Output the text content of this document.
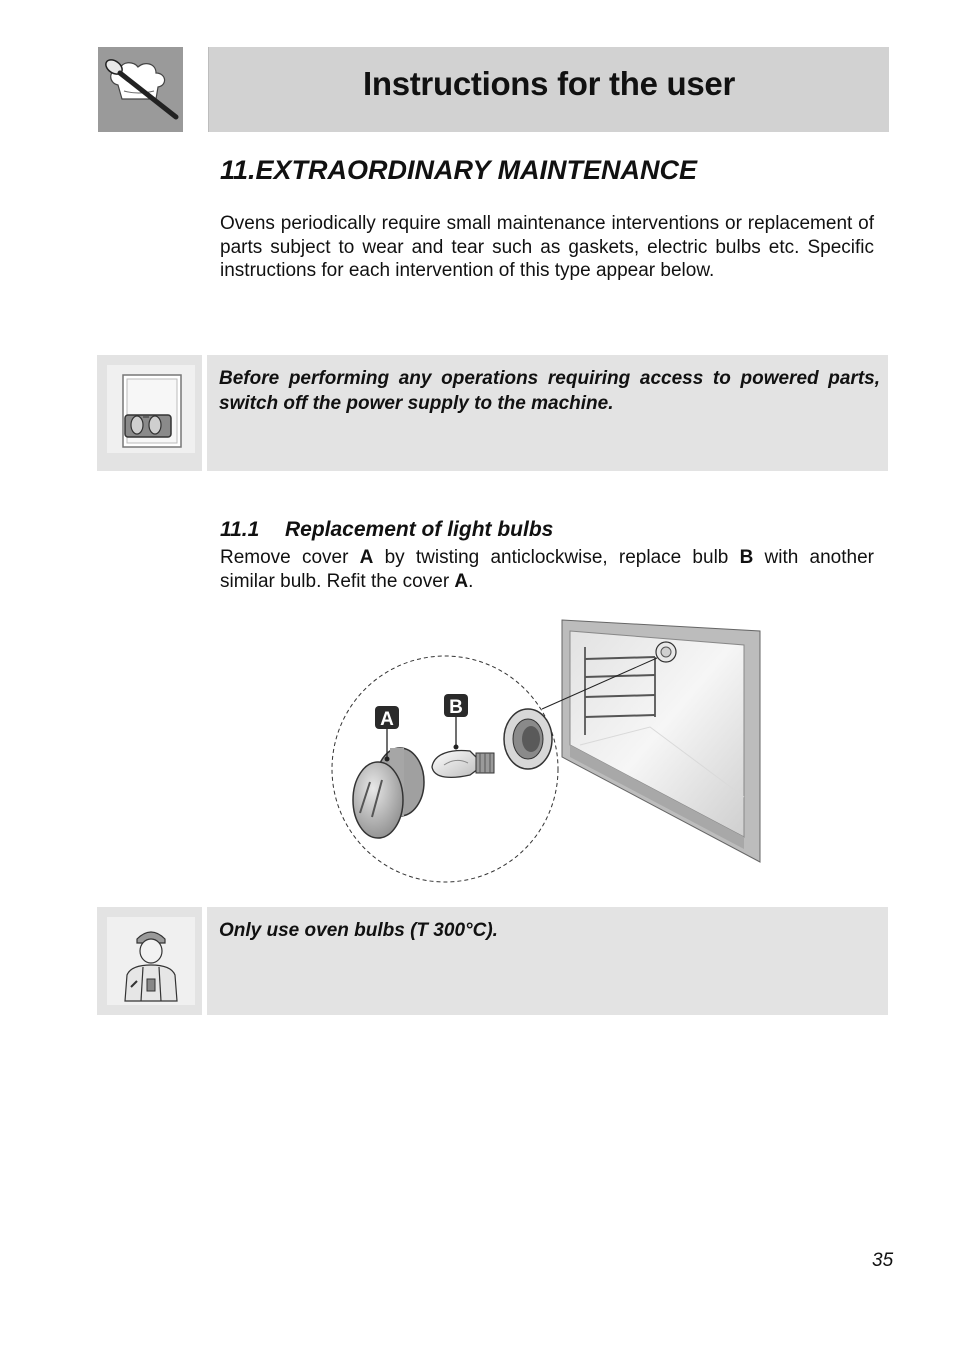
Instructions for the user
11.EXTRAORDINARY MAINTENANCE
Ovens periodically require small maintenance interventions or replacement of parts subject to wear and tear such as gaskets, electric bulbs etc. Specific instructions for each intervention of this type appear below.
Before performing any operations requiring access to powered parts, switch off the power supply to the machine.
11.1 Replacement of light bulbs
Remove cover A by twisting anticlockwise, replace bulb B with another similar bulb. Refit the cover A.
A
B
Only use oven bulbs (T 300°C).
35
